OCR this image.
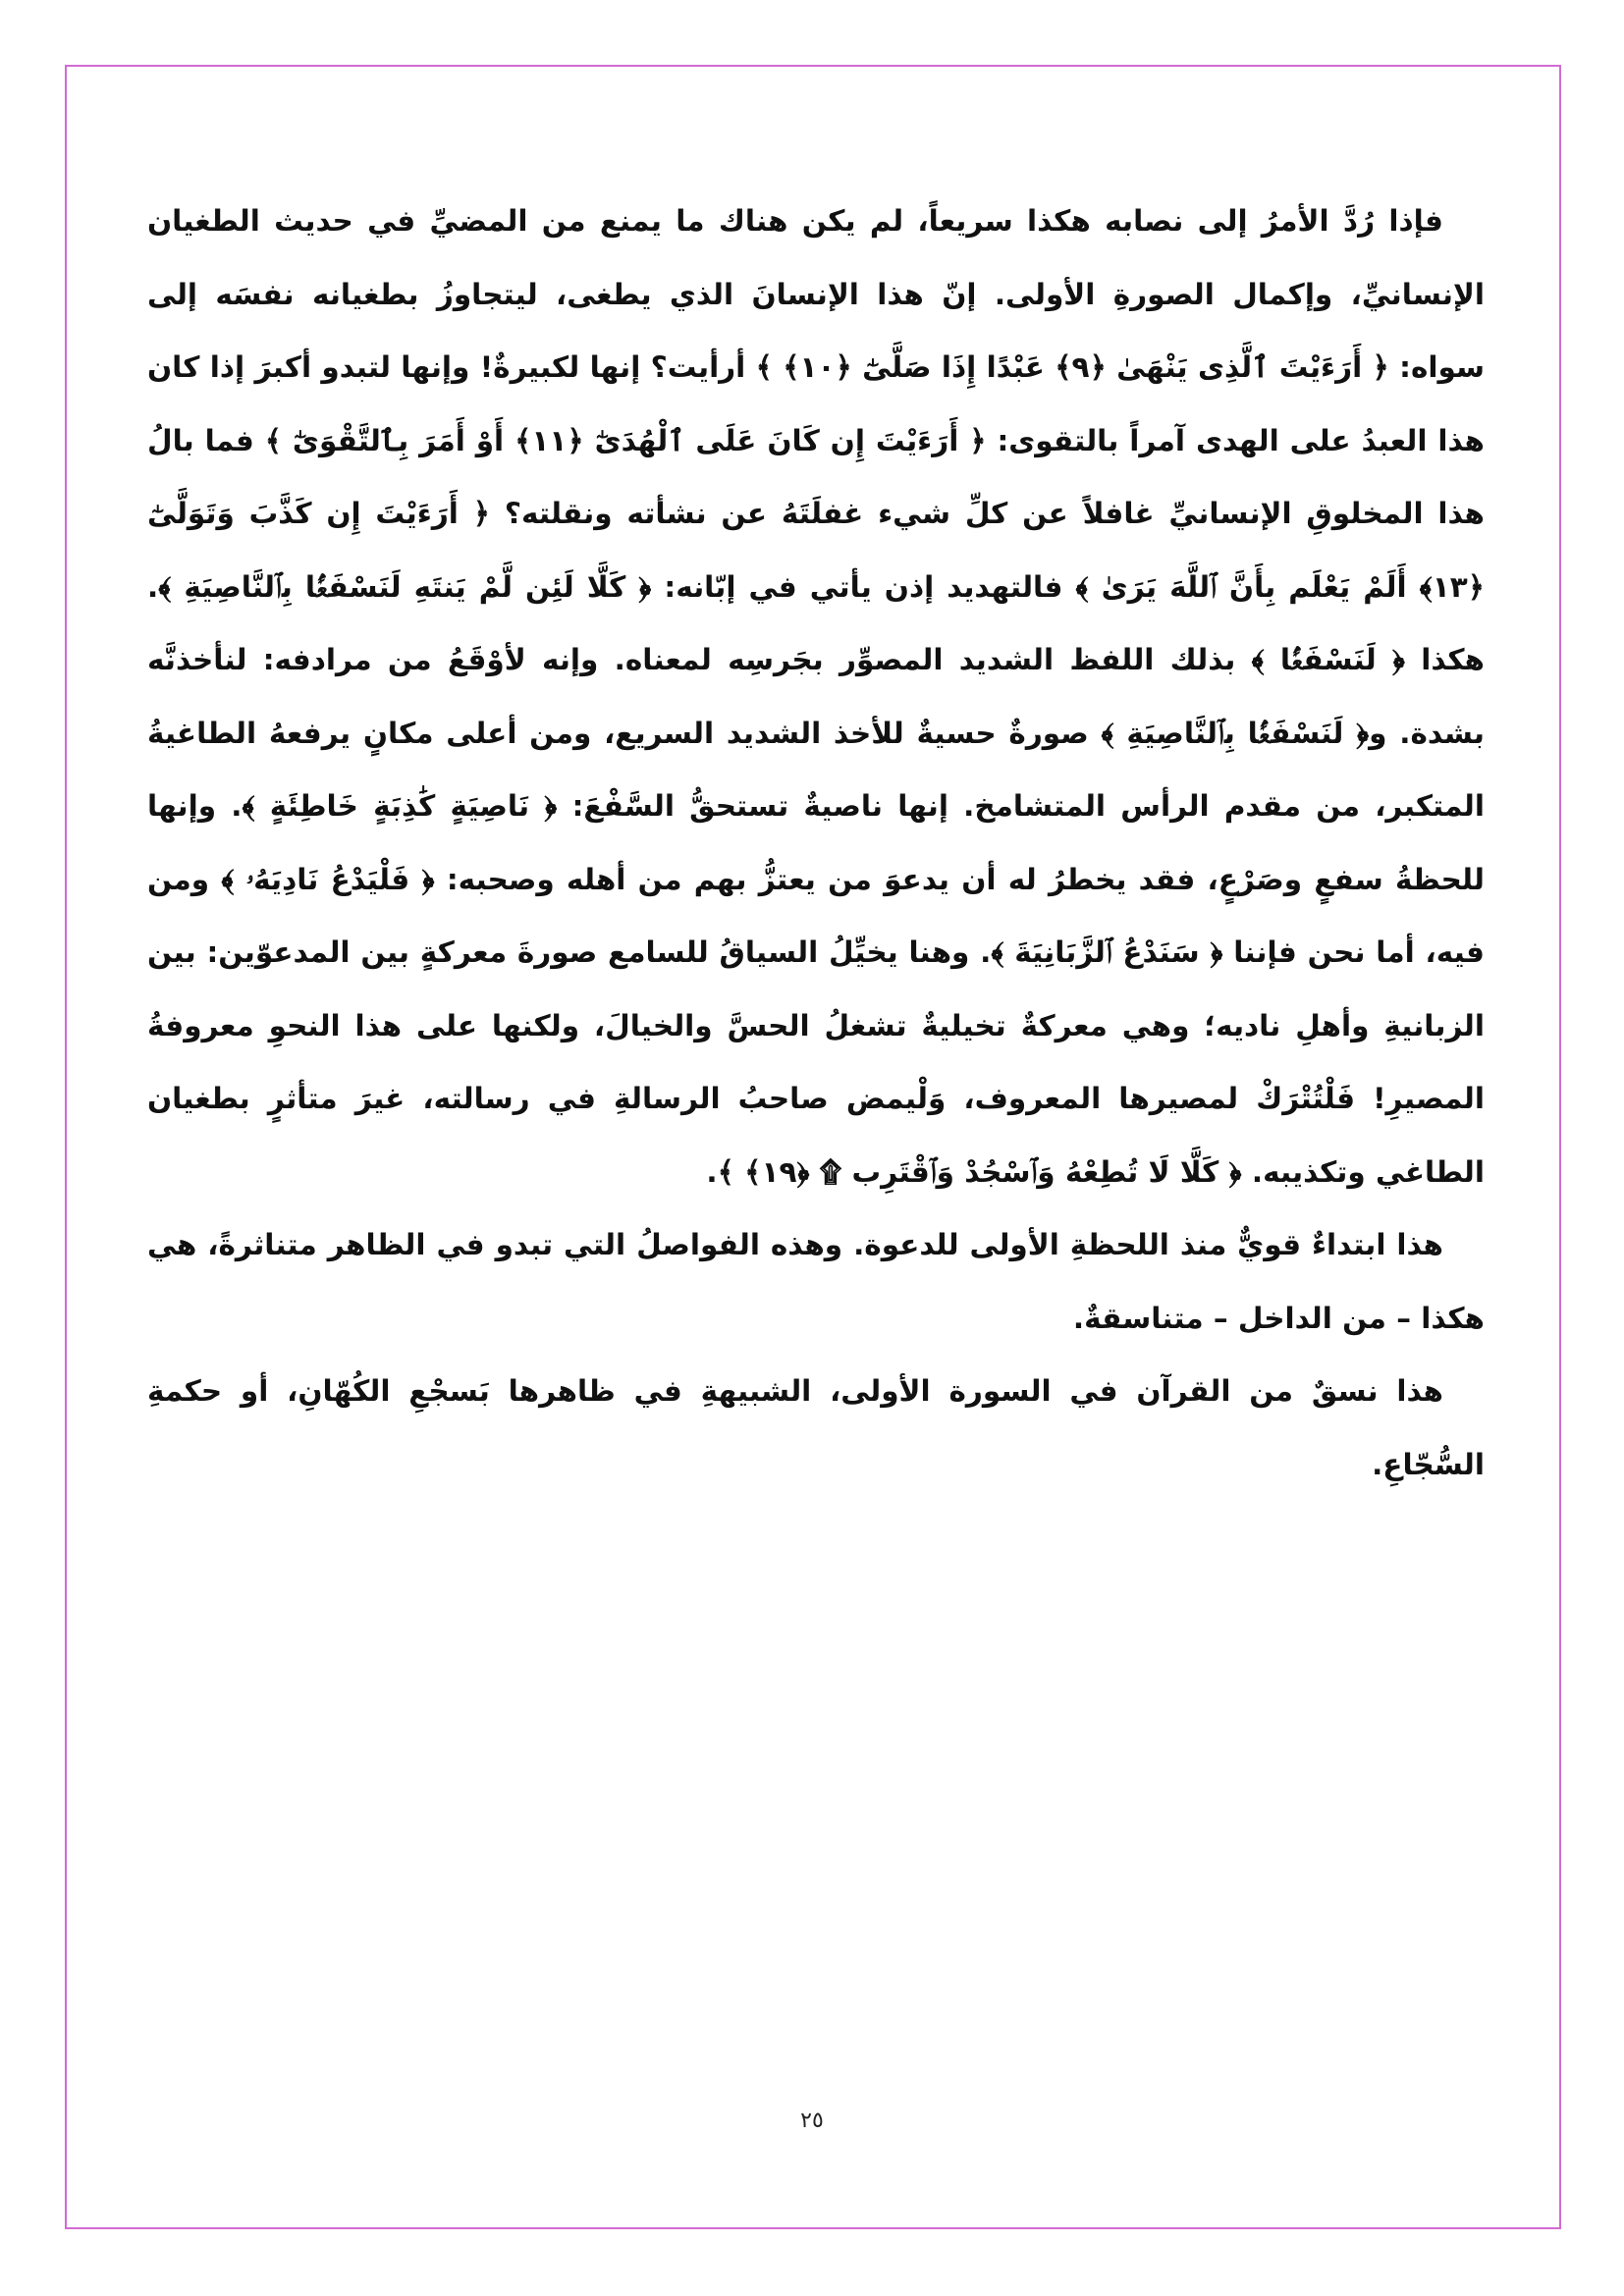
فإذا رُدَّ الأمرُ إلى نصابه هكذا سريعاً، لم يكن هناك ما يمنع من المضيِّ في حديث الطغيان الإنسانيِّ، وإكمال الصورةِ الأولى. إنّ هذا الإنسانَ الذي يطغى، ليتجاوزُ بطغيانه نفسَه إلى سواه: ﴿ أَرَءَيْتَ ٱلَّذِى يَنْهَىٰ ﴿٩﴾ عَبْدًا إِذَا صَلَّىٰٓ ﴿١٠﴾ ﴾ أرأيت؟ إنها لكبيرةٌ! وإنها لتبدو أكبرَ إذا كان هذا العبدُ على الهدى آمراً بالتقوى: ﴿ أَرَءَيْتَ إِن كَانَ عَلَى ٱلْهُدَىٰٓ ﴿١١﴾ أَوْ أَمَرَ بِٱلتَّقْوَىٰٓ ﴾ فما بالُ هذا المخلوقِ الإنسانيِّ غافلاً عن كلِّ شيء غفلَتَهُ عن نشأته ونقلته؟ ﴿ أَرَءَيْتَ إِن كَذَّبَ وَتَوَلَّىٰٓ ﴿١٣﴾ أَلَمْ يَعْلَم بِأَنَّ ٱللَّهَ يَرَىٰ ﴾ فالتهديد إذن يأتي في إبّانه: ﴿ كَلَّا لَئِن لَّمْ يَنتَهِ لَنَسْفَعًۢا بِٱلنَّاصِيَةِ ﴾. هكذا ﴿ لَنَسْفَعًۢا ﴾ بذلك اللفظ الشديد المصوِّر بجَرسِه لمعناه. وإنه لأوْقَعُ من مرادفه: لنأخذنَّه بشدة. و﴿ لَنَسْفَعًۢا بِٱلنَّاصِيَةِ ﴾ صورةٌ حسيةٌ للأخذ الشديد السريع، ومن أعلى مكانٍ يرفعهُ الطاغيةُ المتكبر، من مقدم الرأس المتشامخ. إنها ناصيةٌ تستحقُّ السَّفْعَ: ﴿ نَاصِيَةٍ كَٰذِبَةٍ خَاطِئَةٍ ﴾. وإنها للحظةُ سفعٍ وصَرْعٍ، فقد يخطرُ له أن يدعوَ من يعتزُّ بهم من أهله وصحبه: ﴿ فَلْيَدْعُ نَادِيَهُۥ ﴾ ومن فيه، أما نحن فإننا ﴿ سَنَدْعُ ٱلزَّبَانِيَةَ ﴾. وهنا يخيِّلُ السياقُ للسامع صورةَ معركةٍ بين المدعوّين: بين الزبانيةِ وأهلِ ناديه؛ وهي معركةٌ تخيليةٌ تشغلُ الحسَّ والخيالَ، ولكنها على هذا النحوِ معروفةُ المصيرِ! فَلْتُتْرَكْ لمصيرها المعروف، وَلْيمض صاحبُ الرسالةِ في رسالته، غيرَ متأثرٍ بطغيان الطاغي وتكذيبه. ﴿ كَلَّا لَا تُطِعْهُ وَٱسْجُدْ وَٱقْتَرِب ۩ ﴿١٩﴾ ﴾.

هذا ابتداءٌ قويٌّ منذ اللحظةِ الأولى للدعوة. وهذه الفواصلُ التي تبدو في الظاهر متناثرةً، هي هكذا – من الداخل – متناسقةٌ.

هذا نسقٌ من القرآن في السورة الأولى، الشبيهةِ في ظاهرها بَسجْعِ الكُهّانِ، أو حكمةِ السُّجّاعِ.

٢٥
